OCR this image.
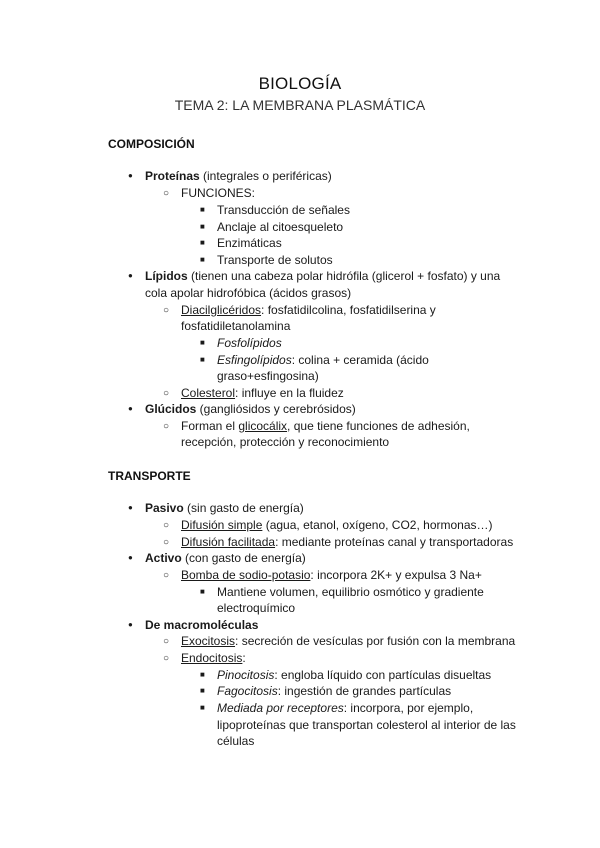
BIOLOGÍA
TEMA 2: LA MEMBRANA PLASMÁTICA
COMPOSICIÓN
●
Proteínas (integrales o periféricas)
○
FUNCIONES:
■
Transducción de señales
■
Anclaje al citoesqueleto
■
Enzimáticas
■
Transporte de solutos
●
Lípidos (tienen una cabeza polar hidrófila (glicerol + fosfato) y una
cola apolar hidrofóbica (ácidos grasos)
○
Diacilglicéridos: fosfatidilcolina, fosfatidilserina y
fosfatidiletanolamina
■
Fosfolípidos
■
Esfingolípidos: colina + ceramida (ácido
graso+esfingosina)
○
Colesterol: influye en la fluidez
●
Glúcidos (gangliósidos y cerebrósidos)
○
Forman el glicocálix, que tiene funciones de adhesión,
recepción, protección y reconocimiento
TRANSPORTE
●
Pasivo (sin gasto de energía)
○
Difusión simple (agua, etanol, oxígeno, CO2, hormonas…)
○
Difusión facilitada: mediante proteínas canal y transportadoras
●
Activo (con gasto de energía)
○
Bomba de sodio-potasio: incorpora 2K+ y expulsa 3 Na+
■
Mantiene volumen, equilibrio osmótico y gradiente
electroquímico
●
De macromoléculas
○
Exocitosis: secreción de vesículas por fusión con la membrana
○
Endocitosis:
■
Pinocitosis: engloba líquido con partículas disueltas
■
Fagocitosis: ingestión de grandes partículas
■
Mediada por receptores: incorpora, por ejemplo,
lipoproteínas que transportan colesterol al interior de las
células
